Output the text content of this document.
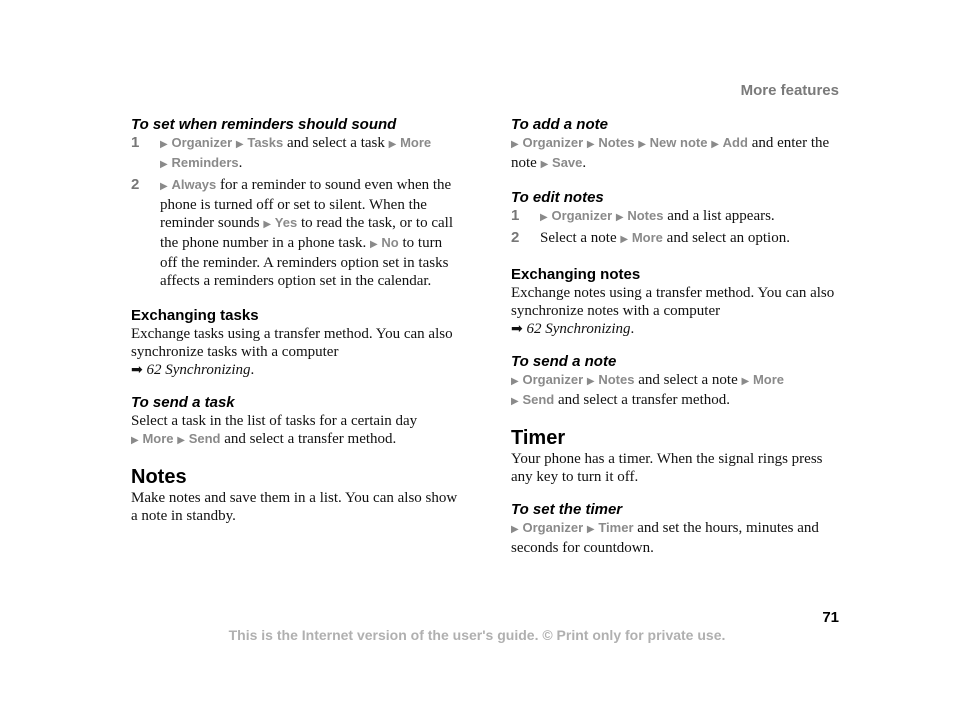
More features
To set when reminders should sound
1 ▶ Organizer ▶ Tasks and select a task ▶ More
▶ Reminders.
2 ▶ Always for a reminder to sound even when the phone is turned off or set to silent. When the reminder sounds ▶ Yes to read the task, or to call the phone number in a phone task. ▶ No to turn off the reminder. A reminders option set in tasks affects a reminders option set in the calendar.
Exchanging tasks
Exchange tasks using a transfer method. You can also synchronize tasks with a computer
➡ 62 Synchronizing.
To send a task
Select a task in the list of tasks for a certain day
▶ More ▶ Send and select a transfer method.
Notes
Make notes and save them in a list. You can also show a note in standby.
To add a note
▶ Organizer ▶ Notes ▶ New note ▶ Add and enter the note ▶ Save.
To edit notes
1 ▶ Organizer ▶ Notes and a list appears.
2 Select a note ▶ More and select an option.
Exchanging notes
Exchange notes using a transfer method. You can also synchronize notes with a computer
➡ 62 Synchronizing.
To send a note
▶ Organizer ▶ Notes and select a note ▶ More
▶ Send and select a transfer method.
Timer
Your phone has a timer. When the signal rings press any key to turn it off.
To set the timer
▶ Organizer ▶ Timer and set the hours, minutes and seconds for countdown.
71
This is the Internet version of the user's guide. © Print only for private use.
